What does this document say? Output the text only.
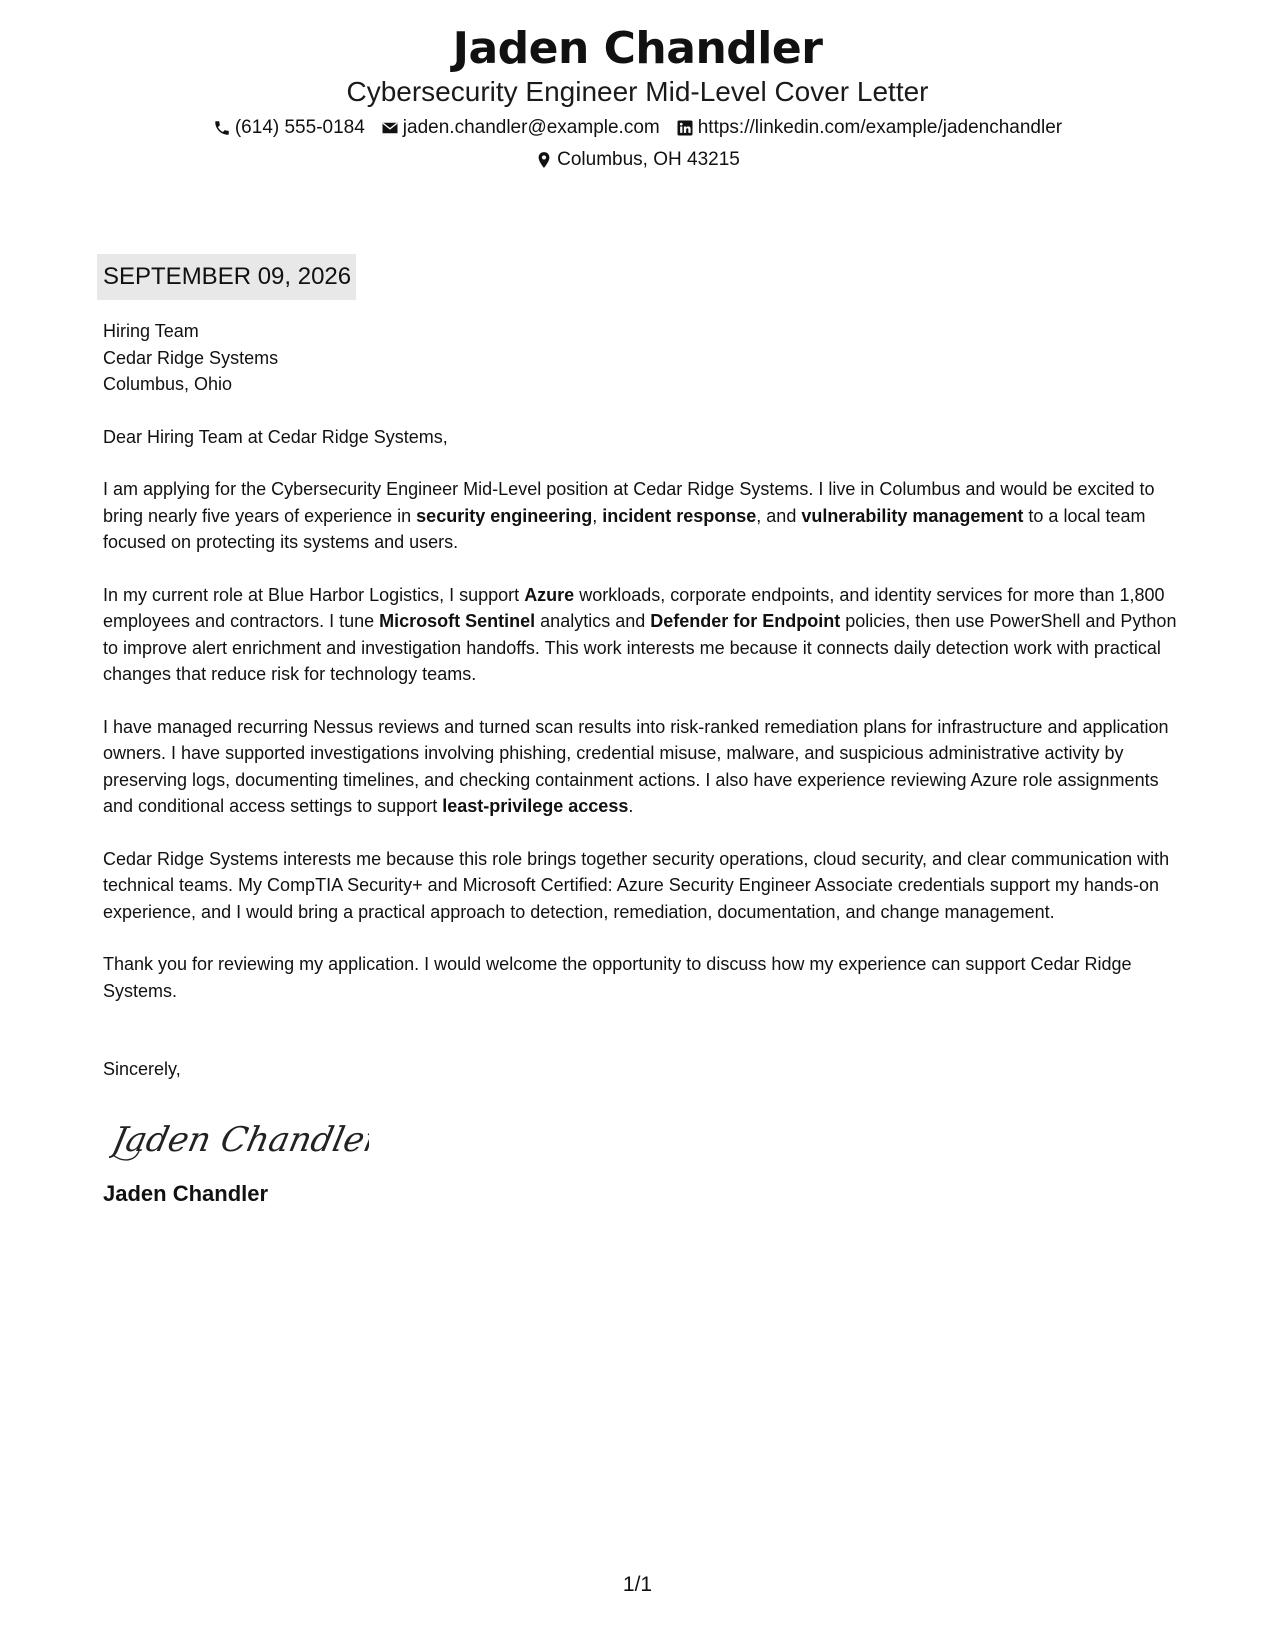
Jaden Chandler
Cybersecurity Engineer Mid-Level Cover Letter
(614) 555-0184 jaden.chandler@example.com https://linkedin.com/example/jadenchandler
Columbus, OH 43215
SEPTEMBER 09, 2026
Hiring Team
Cedar Ridge Systems
Columbus, Ohio
Dear Hiring Team at Cedar Ridge Systems,
I am applying for the Cybersecurity Engineer Mid-Level position at Cedar Ridge Systems. I live in Columbus and would be excited to bring nearly five years of experience in security engineering, incident response, and vulnerability management to a local team focused on protecting its systems and users.
In my current role at Blue Harbor Logistics, I support Azure workloads, corporate endpoints, and identity services for more than 1,800 employees and contractors. I tune Microsoft Sentinel analytics and Defender for Endpoint policies, then use PowerShell and Python to improve alert enrichment and investigation handoffs. This work interests me because it connects daily detection work with practical changes that reduce risk for technology teams.
I have managed recurring Nessus reviews and turned scan results into risk-ranked remediation plans for infrastructure and application owners. I have supported investigations involving phishing, credential misuse, malware, and suspicious administrative activity by preserving logs, documenting timelines, and checking containment actions. I also have experience reviewing Azure role assignments and conditional access settings to support least-privilege access.
Cedar Ridge Systems interests me because this role brings together security operations, cloud security, and clear communication with technical teams. My CompTIA Security+ and Microsoft Certified: Azure Security Engineer Associate credentials support my hands-on experience, and I would bring a practical approach to detection, remediation, documentation, and change management.
Thank you for reviewing my application. I would welcome the opportunity to discuss how my experience can support Cedar Ridge Systems.
Sincerely,
Jaden Chandler
Jaden Chandler
1/1
